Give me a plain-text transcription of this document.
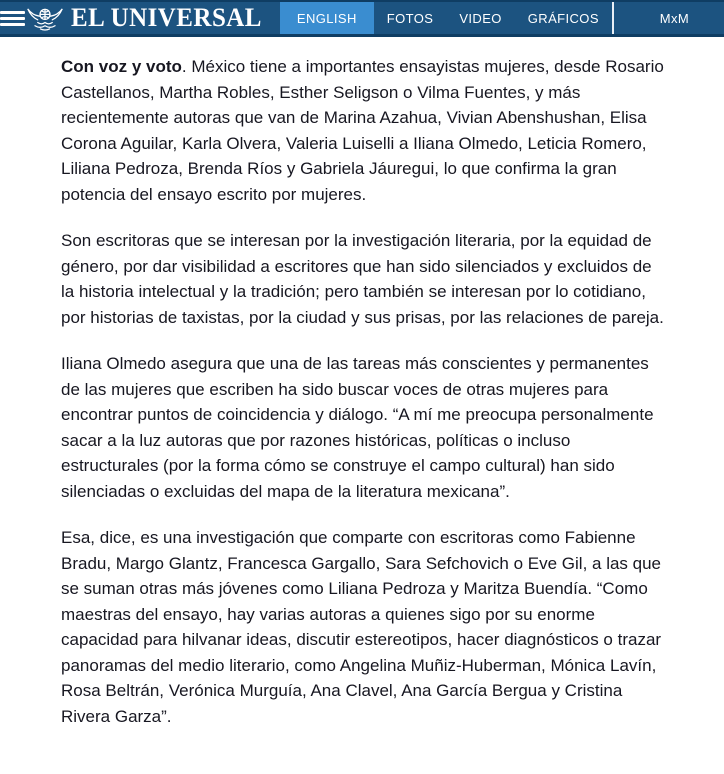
EL UNIVERSAL	ENGLISH	FOTOS	VIDEO	GRÁFICOS	MxM

Con voz y voto. México tiene a importantes ensayistas mujeres, desde Rosario Castellanos, Martha Robles, Esther Seligson o Vilma Fuentes, y más recientemente autoras que van de Marina Azahua, Vivian Abenshushan, Elisa Corona Aguilar, Karla Olvera, Valeria Luiselli a Iliana Olmedo, Leticia Romero, Liliana Pedroza, Brenda Ríos y Gabriela Jáuregui, lo que confirma la gran potencia del ensayo escrito por mujeres.

Son escritoras que se interesan por la investigación literaria, por la equidad de género, por dar visibilidad a escritores que han sido silenciados y excluidos de la historia intelectual y la tradición; pero también se interesan por lo cotidiano, por historias de taxistas, por la ciudad y sus prisas, por las relaciones de pareja.

Iliana Olmedo asegura que una de las tareas más conscientes y permanentes de las mujeres que escriben ha sido buscar voces de otras mujeres para encontrar puntos de coincidencia y diálogo. “A mí me preocupa personalmente sacar a la luz autoras que por razones históricas, políticas o incluso estructurales (por la forma cómo se construye el campo cultural) han sido silenciadas o excluidas del mapa de la literatura mexicana”.

Esa, dice, es una investigación que comparte con escritoras como Fabienne Bradu, Margo Glantz, Francesca Gargallo, Sara Sefchovich o Eve Gil, a las que se suman otras más jóvenes como Liliana Pedroza y Maritza Buendía. “Como maestras del ensayo, hay varias autoras a quienes sigo por su enorme capacidad para hilvanar ideas, discutir estereotipos, hacer diagnósticos o trazar panoramas del medio literario, como Angelina Muñiz-Huberman, Mónica Lavín, Rosa Beltrán, Verónica Murguía, Ana Clavel, Ana García Bergua y Cristina Rivera Garza”.
